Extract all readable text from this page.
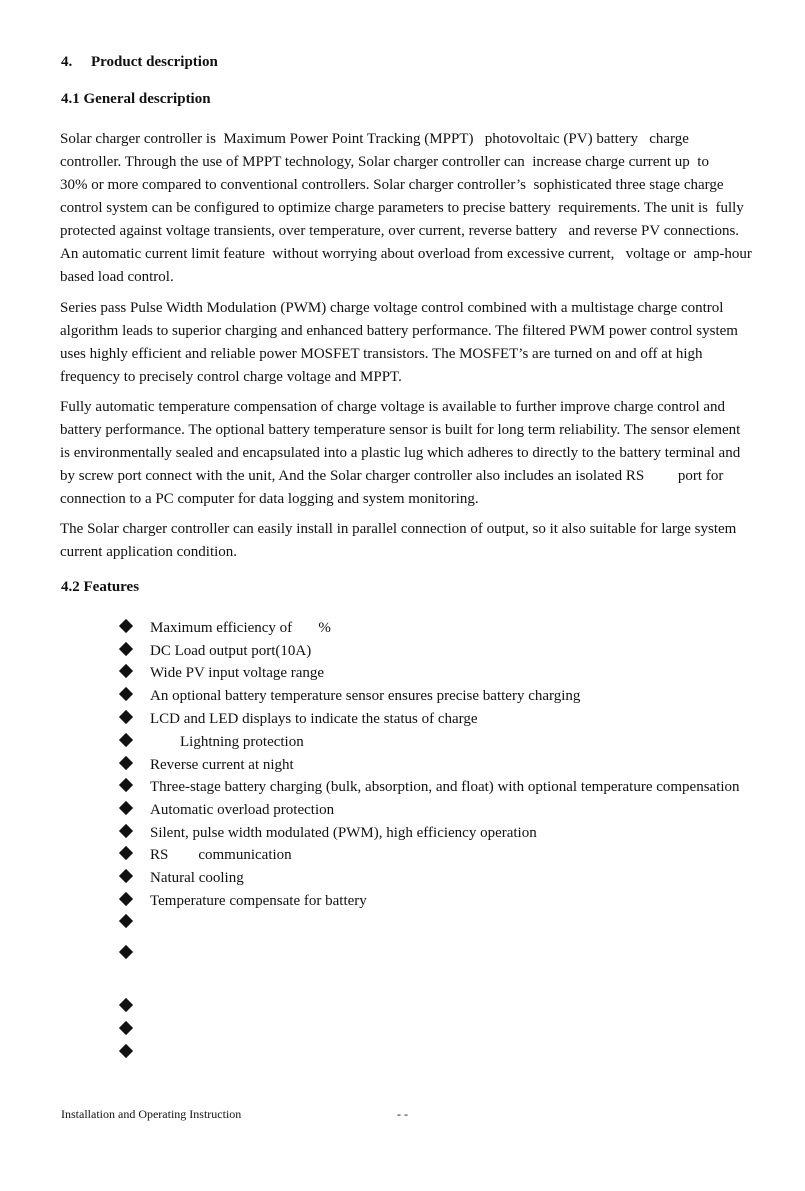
4. Product description
4.1 General description
Solar charger controller is  Maximum Power Point Tracking (MPPT)   photovoltaic (PV) battery   charge
controller. Through the use of MPPT technology, Solar charger controller can  increase charge current up  to
30% or more compared to conventional controllers. Solar charger controller’s  sophisticated three stage charge
control system can be configured to optimize charge parameters to precise battery  requirements. The unit is  fully
protected against voltage transients, over temperature, over current, reverse battery   and reverse PV connections.
An automatic current limit feature  without worrying about overload from excessive current,   voltage or  amp-hour
based load control.
Series pass Pulse Width Modulation (PWM) charge voltage control combined with a multistage charge control
algorithm leads to superior charging and enhanced battery performance. The filtered PWM power control system
uses highly efficient and reliable power MOSFET transistors. The MOSFET’s are turned on and off at high
frequency to precisely control charge voltage and MPPT.
Fully automatic temperature compensation of charge voltage is available to further improve charge control and
battery performance. The optional battery temperature sensor is built for long term reliability. The sensor element
is environmentally sealed and encapsulated into a plastic lug which adheres to directly to the battery terminal and
by screw port connect with the unit, And the Solar charger controller also includes an isolated RS         port for
connection to a PC computer for data logging and system monitoring.
The Solar charger controller can easily install in parallel connection of output, so it also suitable for large system
current application condition.
4.2 Features
Maximum efficiency of       %
DC Load output port(10A)
Wide PV input voltage range
An optional battery temperature sensor ensures precise battery charging
LCD and LED displays to indicate the status of charge
Lightning protection
Reverse current at night
Three-stage battery charging (bulk, absorption, and float) with optional temperature compensation
Automatic overload protection
Silent, pulse width modulated (PWM), high efficiency operation
RS        communication
Natural cooling
Temperature compensate for battery
Installation and Operating Instruction	- -
